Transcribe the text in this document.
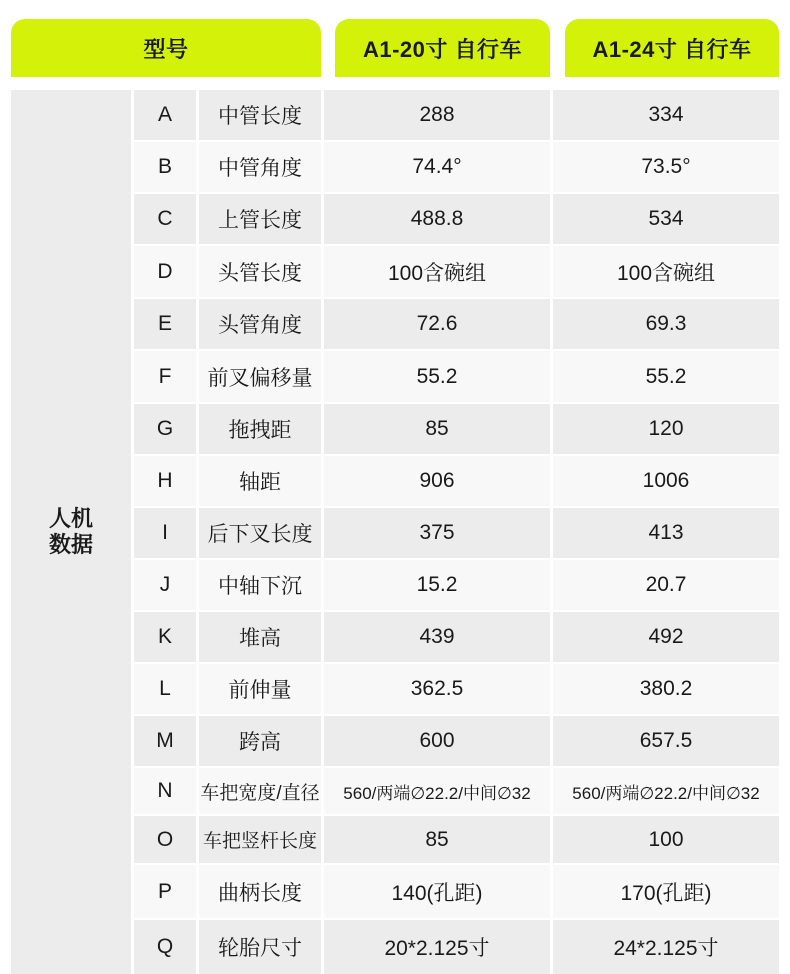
型号	A1-20寸 自行车	A1-24寸 自行车
人机数据
A	中管长度	288	334
B	中管角度	74.4°	73.5°
C	上管长度	488.8	534
D	头管长度	100含碗组	100含碗组
E	头管角度	72.6	69.3
F	前叉偏移量	55.2	55.2
G	拖拽距	85	120
H	轴距	906	1006
I	后下叉长度	375	413
J	中轴下沉	15.2	20.7
K	堆高	439	492
L	前伸量	362.5	380.2
M	跨高	600	657.5
N	车把宽度/直径	560/两端∅22.2/中间∅32	560/两端∅22.2/中间∅32
O	车把竖杆长度	85	100
P	曲柄长度	140(孔距)	170(孔距)
Q	轮胎尺寸	20*2.125寸	24*2.125寸
